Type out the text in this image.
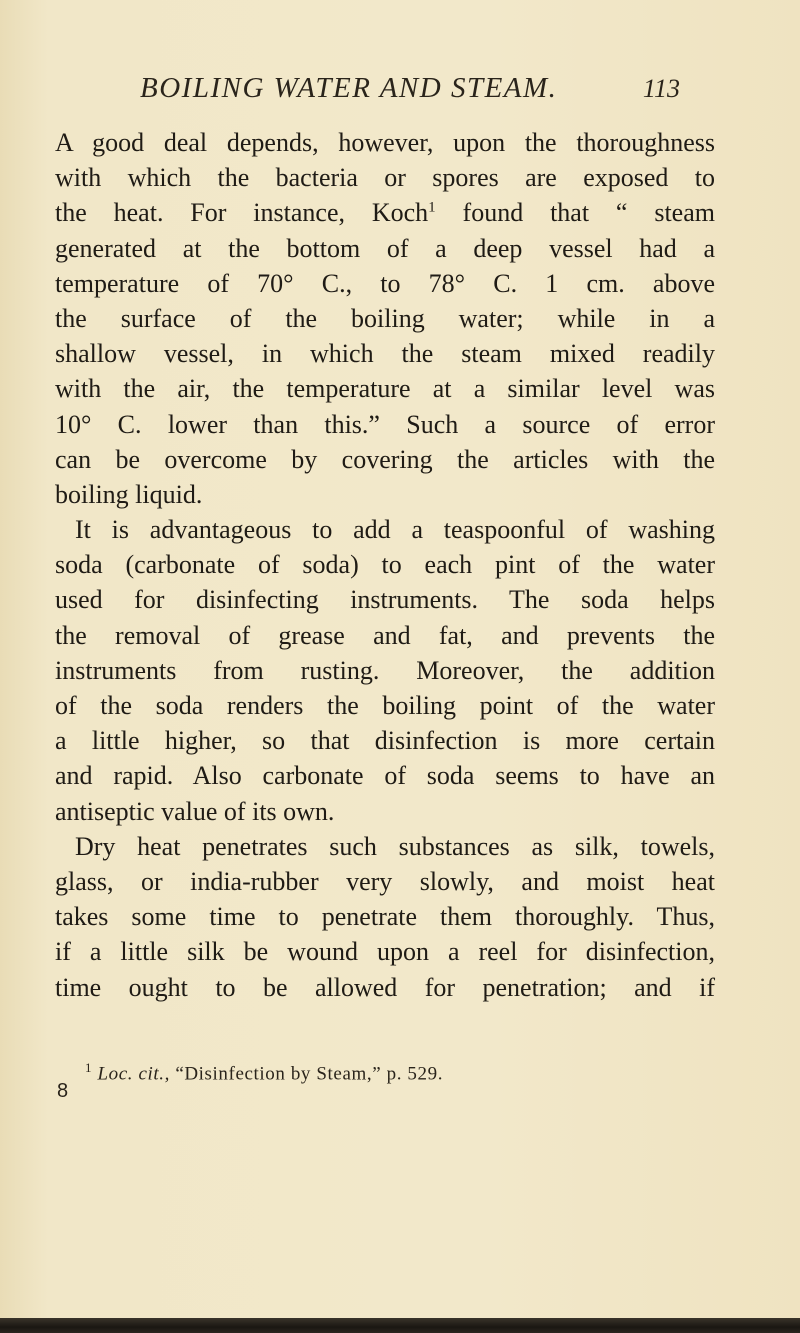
BOILING WATER AND STEAM.	113
A good deal depends, however, upon the thoroughness
with which the bacteria or spores are exposed to
the heat. For instance, Koch$^1$ found that “ steam
generated at the bottom of a deep vessel had a
temperature of 70° C., to 78° C. 1 cm. above
the surface of the boiling water; while in a
shallow vessel, in which the steam mixed readily
with the air, the temperature at a similar level was
10° C. lower than this.” Such a source of error
can be overcome by covering the articles with the
boiling liquid.
It is advantageous to add a teaspoonful of washing
soda (carbonate of soda) to each pint of the water
used for disinfecting instruments. The soda helps
the removal of grease and fat, and prevents the
instruments from rusting. Moreover, the addition
of the soda renders the boiling point of the water
a little higher, so that disinfection is more certain
and rapid. Also carbonate of soda seems to have an
antiseptic value of its own.
Dry heat penetrates such substances as silk, towels,
glass, or india-rubber very slowly, and moist heat
takes some time to penetrate them thoroughly. Thus,
if a little silk be wound upon a reel for disinfection,
time ought to be allowed for penetration; and if
$^1$ Loc. cit., “Disinfection by Steam,” p. 529.
8
